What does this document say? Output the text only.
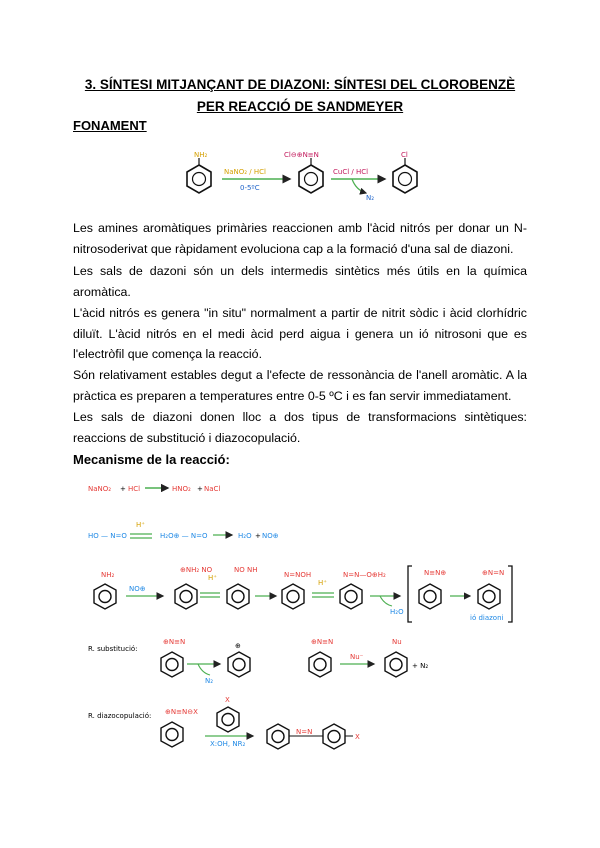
3. SÍNTESI MITJANÇANT DE DIAZONI: SÍNTESI DEL CLOROBENZÈ
PER REACCIÓ DE SANDMEYER
FONAMENT
NH₂
NaNO₂ / HCl
0-5ºC
Cl⊖⊕N≡N
CuCl / HCl
N₂
Cl
NaNO₂ + HCl	HNO₂ + NaCl
HO — N=O
H⁺
H₂O⊕ — N=O	H₂O + NO⊕
NH₂
NO⊕
⊕NH₂ NO
H⁺
NO NH
N=NOH
H⁺
N=N—O⊕H₂
H₂O
N≡N⊕	⊕N=N
ió diazoni
R. substitució:
⊕N≡N
N₂
⊕	⊕N≡N
Nu⁻
Nu
+ N₂
R. diazocopulació: ⊕N≡N⊖X
X
X:OH, NR₂
N=N
X
Les amines aromàtiques primàries reaccionen amb l'àcid nitrós per donar un N-nitrosoderivat que ràpidament evoluciona cap a la formació d'una sal de diazoni.
Les sals de dazoni són un dels intermedis sintètics més útils en la química aromàtica.
L'àcid nitrós es genera "in situ" normalment a partir de nitrit sòdic i àcid clorhídric diluït. L'àcid nitrós en el medi àcid perd aigua i genera un ió nitrosoni que es l'electròfil que comença la reacció.
Són relativament estables degut a l'efecte de ressonància de l'anell aromàtic. A la pràctica es preparen a temperatures entre 0-5 ºC i es fan servir immediatament.
Les sals de diazoni donen lloc a dos tipus de transformacions sintètiques: reaccions de substitució i diazocopulació.
Mecanisme de la reacció:
